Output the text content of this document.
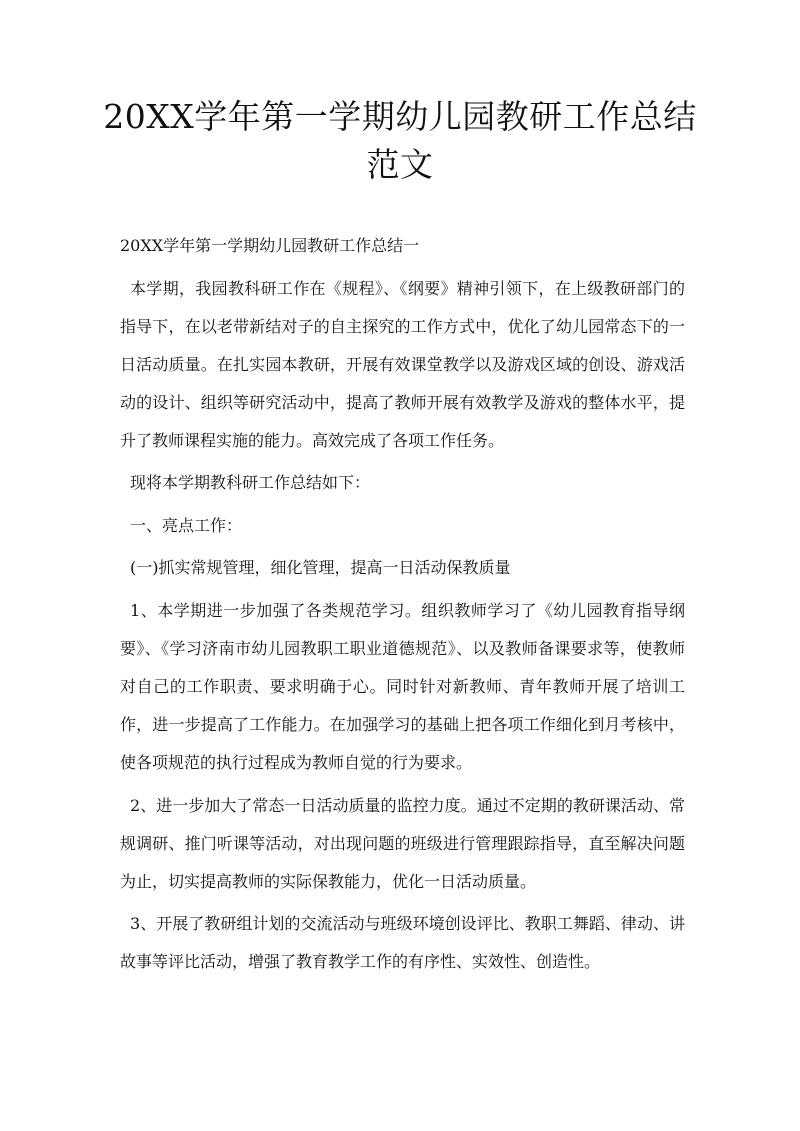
20XX学年第一学期幼儿园教研工作总结范文

20XX学年第一学期幼儿园教研工作总结一

本学期，我园教科研工作在《规程》、《纲要》精神引领下，在上级教研部门的指导下，在以老带新结对子的自主探究的工作方式中，优化了幼儿园常态下的一日活动质量。在扎实园本教研，开展有效课堂教学以及游戏区域的创设、游戏活动的设计、组织等研究活动中，提高了教师开展有效教学及游戏的整体水平，提升了教师课程实施的能力。高效完成了各项工作任务。

现将本学期教科研工作总结如下：

一、亮点工作：

(一)抓实常规管理，细化管理，提高一日活动保教质量

1、本学期进一步加强了各类规范学习。组织教师学习了《幼儿园教育指导纲要》、《学习济南市幼儿园教职工职业道德规范》、以及教师备课要求等，使教师对自己的工作职责、要求明确于心。同时针对新教师、青年教师开展了培训工作，进一步提高了工作能力。在加强学习的基础上把各项工作细化到月考核中，使各项规范的执行过程成为教师自觉的行为要求。

2、进一步加大了常态一日活动质量的监控力度。通过不定期的教研课活动、常规调研、推门听课等活动，对出现问题的班级进行管理跟踪指导，直至解决问题为止，切实提高教师的实际保教能力，优化一日活动质量。

3、开展了教研组计划的交流活动与班级环境创设评比、教职工舞蹈、律动、讲故事等评比活动，增强了教育教学工作的有序性、实效性、创造性。
